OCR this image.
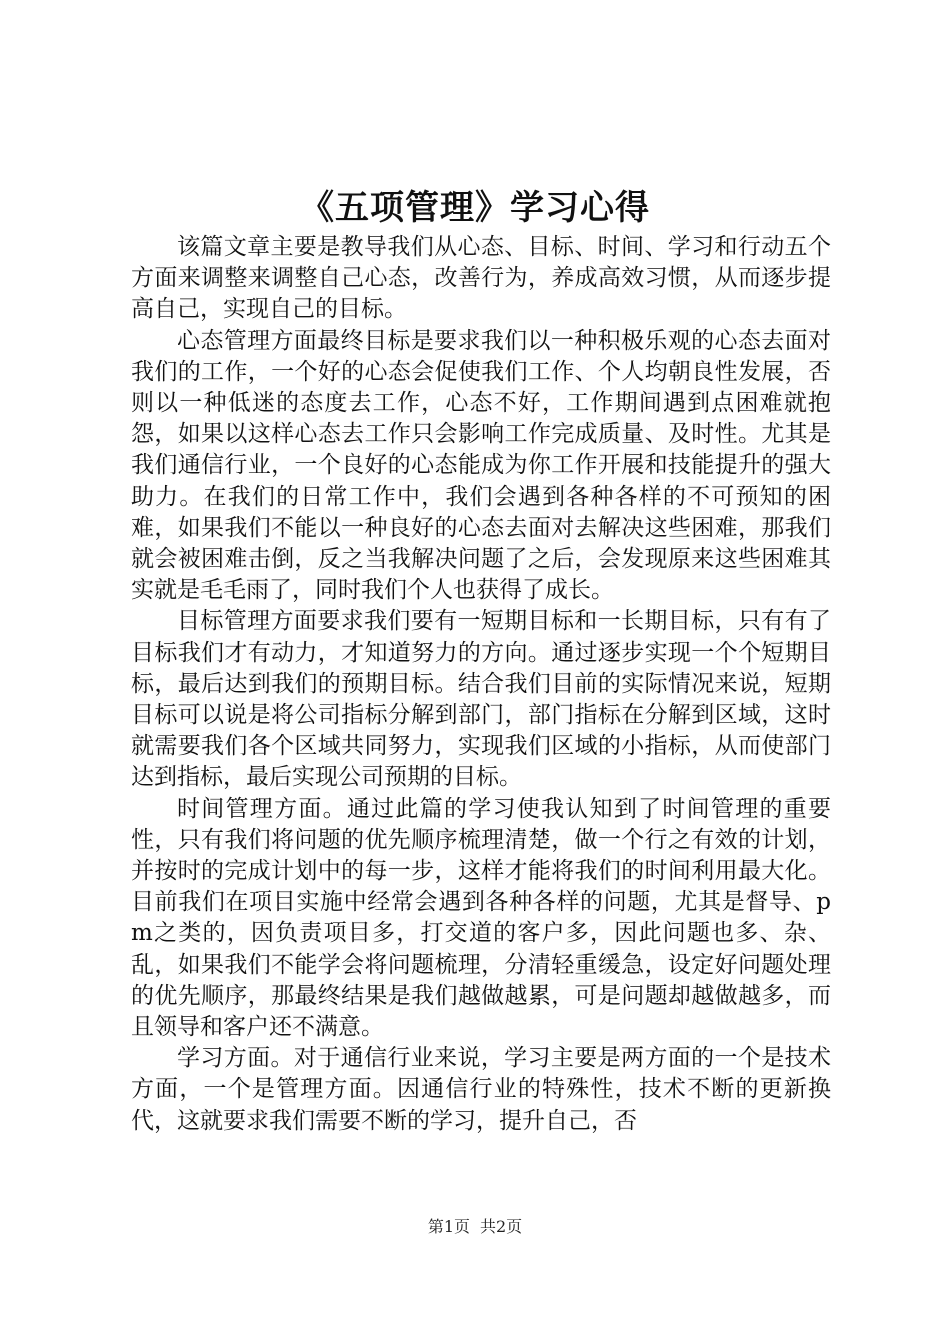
《五项管理》学习心得

该篇文章主要是教导我们从心态、目标、时间、学习和行动五个方面来调整来调整自己心态，改善行为，养成高效习惯，从而逐步提高自己，实现自己的目标。

心态管理方面最终目标是要求我们以一种积极乐观的心态去面对我们的工作，一个好的心态会促使我们工作、个人均朝良性发展，否则以一种低迷的态度去工作，心态不好，工作期间遇到点困难就抱怨，如果以这样心态去工作只会影响工作完成质量、及时性。尤其是我们通信行业，一个良好的心态能成为你工作开展和技能提升的强大助力。在我们的日常工作中，我们会遇到各种各样的不可预知的困难，如果我们不能以一种良好的心态去面对去解决这些困难，那我们就会被困难击倒，反之当我解决问题了之后，会发现原来这些困难其实就是毛毛雨了，同时我们个人也获得了成长。

目标管理方面要求我们要有一短期目标和一长期目标，只有有了目标我们才有动力，才知道努力的方向。通过逐步实现一个个短期目标，最后达到我们的预期目标。结合我们目前的实际情况来说，短期目标可以说是将公司指标分解到部门，部门指标在分解到区域，这时就需要我们各个区域共同努力，实现我们区域的小指标，从而使部门达到指标，最后实现公司预期的目标。

时间管理方面。通过此篇的学习使我认知到了时间管理的重要性，只有我们将问题的优先顺序梳理清楚，做一个行之有效的计划，并按时的完成计划中的每一步，这样才能将我们的时间利用最大化。目前我们在项目实施中经常会遇到各种各样的问题，尤其是督导、pm之类的，因负责项目多，打交道的客户多，因此问题也多、杂、乱，如果我们不能学会将问题梳理，分清轻重缓急，设定好问题处理的优先顺序，那最终结果是我们越做越累，可是问题却越做越多，而且领导和客户还不满意。

学习方面。对于通信行业来说，学习主要是两方面的一个是技术方面，一个是管理方面。因通信行业的特殊性，技术不断的更新换代，这就要求我们需要不断的学习，提升自己，否

第1页 共2页
